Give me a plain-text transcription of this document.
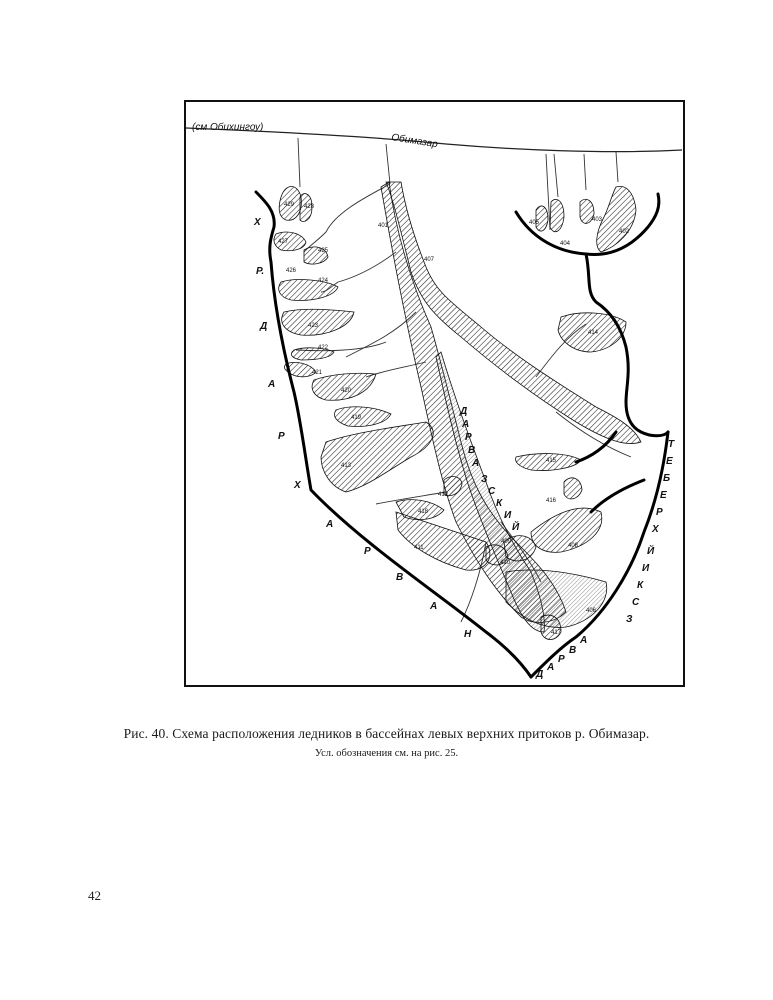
(см Обихингоу)
Обимазар
Х
Р.
Д
А
Р
Х
А
Р
В
А
Н
Д
А
Р
В
А
З
С
К
И
Й
Х
Р
Е
Б
Е
Т
Д
А
Р
В
А
З
С
К
И
Й
429 428
427
426
425
424
423
422
421
420
419
418
417
416
415
414
413
412
411
410
409
408
407
406
405
404
403
402
401
Рис. 40. Схема расположения ледников в бассейнах левых верхних притоков р. Обимазар.
Усл. обозначения см. на рис. 25.
42
